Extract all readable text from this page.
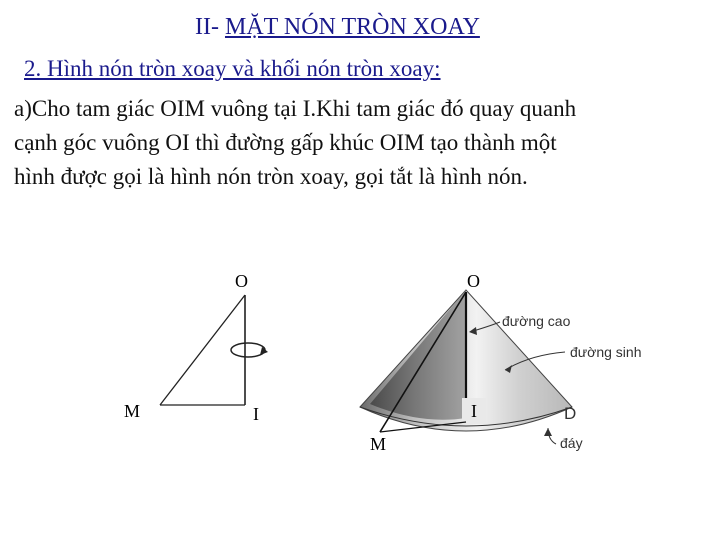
II- MẶT NÓN TRÒN XOAY
2. Hình nón tròn xoay và khối nón tròn xoay:
a)Cho tam giác OIM vuông tại I.Khi tam giác đó quay quanh
cạnh góc vuông OI thì đường gấp khúc OIM tạo thành một
hình được gọi là hình nón tròn xoay, gọi tắt là hình nón.
đường cao
đường sinh
đáy
O
M	I
O
I
M
D
